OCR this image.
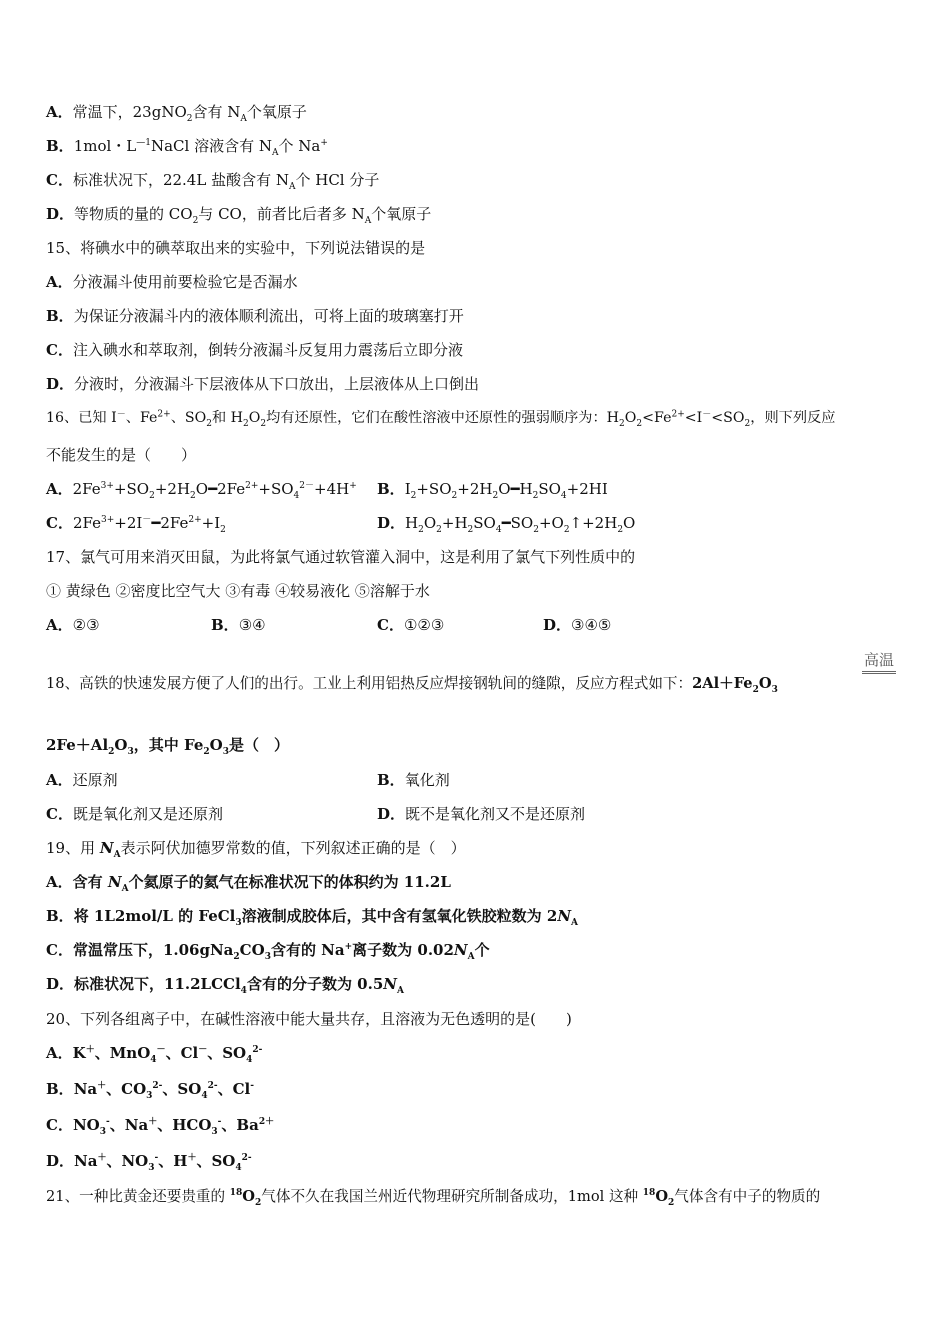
A．常温下，23gNO$_2$含有 $N_A$个氧原子
B．1mol・$L^{—1}NaCl$ 溶液含有 $N_A$个 Na+
C．标准状况下，22.4L 盐酸含有 $N_A$个 HCl 分子
D．等物质的量的 $CO_2$与 CO，前者比后者多 $N_A$个氧原子
15、将碘水中的碘萃取出来的实验中，下列说法错误的是
A．分液漏斗使用前要检验它是否漏水
B．为保证分液漏斗内的液体顺利流出，可将上面的玻璃塞打开
C．注入碘水和萃取剂，倒转分液漏斗反复用力震荡后立即分液
D．分液时，分液漏斗下层液体从下口放出，上层液体从上口倒出
16、已知 I－、$Fe^{2+}$、$SO_2$和 $H_2O_2$均有还原性，它们在酸性溶液中还原性的强弱顺序为：$H_2O_2<Fe^{2+}<I^-<SO_2$，则下列反应
不能发生的是（　　）
A．$2Fe^{3+}+SO_2+2H_2O━2Fe^{2+}+SO_4^{2-}+4H^+$ B．$I_2+SO_2+2H_2O━H_2SO_4+2HI$
C．$2Fe^{3+}+2I^-━2Fe^{2+}+I_2$	D．$H_2O_2+H_2SO_4━SO_2+O_2↑+2H_2O$
17、氯气可用来消灭田鼠，为此将氯气通过软管灌入洞中，这是利用了氯气下列性质中的
① 黄绿色 ②密度比空气大 ③有毒 ④较易液化 ⑤溶解于水
A．②③	B．③④	C．①②③	D．③④⑤
高温
18、高铁的快速发展方便了人们的出行。工业上利用铝热反应焊接钢轨间的缝隙，反应方程式如下：$2Al+Fe_2O_3$
$2Fe+Al_2O_3$，其中 $Fe_2O_3$是（　）
A．还原剂	B．氧化剂
C．既是氧化剂又是还原剂	D．既不是氧化剂又不是还原剂
19、用 $N_A$表示阿伏加德罗常数的值，下列叙述正确的是（　）
A．含有 $N_A$个氦原子的氦气在标准状况下的体积约为 11.2L
B．将 1L2mol/L 的 FeCl$_3$溶液制成胶体后，其中含有氢氧化铁胶粒数为 $2N_A$
C．常温常压下，$1.06gNa_2CO_3$含有的 Na+离子数为 $0.02N_A$个
D．标准状况下，11.2LCCl$_4$含有的分子数为 $0.5N_A$
20、下列各组离子中，在碱性溶液中能大量共存，且溶液为无色透明的是(　　)
A．K＋、MnO$_4$－、Cl－、$SO_4^{2-}$
B．Na＋、$CO_3^{2-}$、$SO_4^{2-}$、Cl-
C．$NO_3^-$、Na＋、$HCO_3^-$、$Ba^{2+}$
D．Na＋、$NO_3^-$、H＋、$SO_4^{2-}$
21、一种比黄金还要贵重的 $^{18}O_2$气体不久在我国兰州近代物理研究所制备成功，1mol 这种 $^{18}O_2$气体含有中子的物质的
